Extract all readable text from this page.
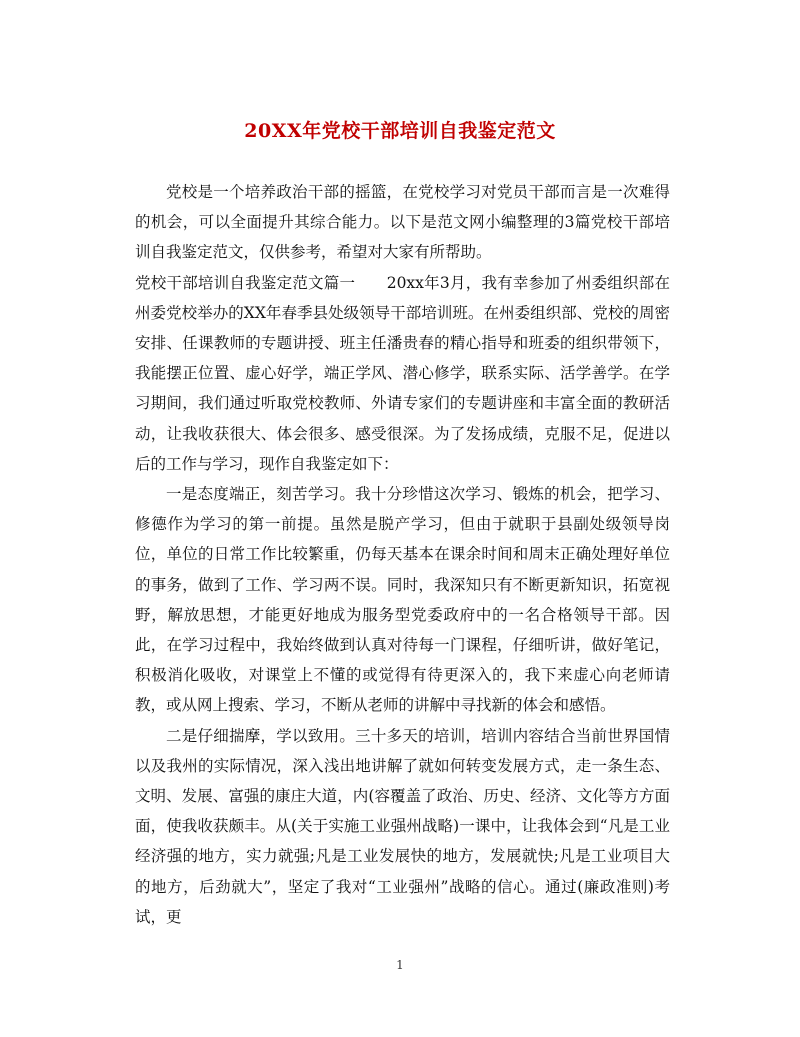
20XX年党校干部培训自我鉴定范文

党校是一个培养政治干部的摇篮，在党校学习对党员干部而言是一次难得的机会，可以全面提升其综合能力。以下是范文网小编整理的3篇党校干部培训自我鉴定范文，仅供参考，希望对大家有所帮助。

党校干部培训自我鉴定范文篇一　　20xx年3月，我有幸参加了州委组织部在州委党校举办的XX年春季县处级领导干部培训班。在州委组织部、党校的周密安排、任课教师的专题讲授、班主任潘贵春的精心指导和班委的组织带领下，我能摆正位置、虚心好学，端正学风、潜心修学，联系实际、活学善学。在学习期间，我们通过听取党校教师、外请专家们的专题讲座和丰富全面的教研活动，让我收获很大、体会很多、感受很深。为了发扬成绩，克服不足，促进以后的工作与学习，现作自我鉴定如下：

一是态度端正，刻苦学习。我十分珍惜这次学习、锻炼的机会，把学习、修德作为学习的第一前提。虽然是脱产学习，但由于就职于县副处级领导岗位，单位的日常工作比较繁重，仍每天基本在课余时间和周末正确处理好单位的事务，做到了工作、学习两不误。同时，我深知只有不断更新知识，拓宽视野，解放思想，才能更好地成为服务型党委政府中的一名合格领导干部。因此，在学习过程中，我始终做到认真对待每一门课程，仔细听讲，做好笔记，积极消化吸收，对课堂上不懂的或觉得有待更深入的，我下来虚心向老师请教，或从网上搜索、学习，不断从老师的讲解中寻找新的体会和感悟。

二是仔细揣摩，学以致用。三十多天的培训，培训内容结合当前世界国情以及我州的实际情况，深入浅出地讲解了就如何转变发展方式，走一条生态、文明、发展、富强的康庄大道，内(容覆盖了政治、历史、经济、文化等方方面面，使我收获颇丰。从(关于实施工业强州战略)一课中，让我体会到“凡是工业经济强的地方，实力就强;凡是工业发展快的地方，发展就快;凡是工业项目大的地方，后劲就大”，坚定了我对“工业强州”战略的信心。通过(廉政准则)考试，更

1
